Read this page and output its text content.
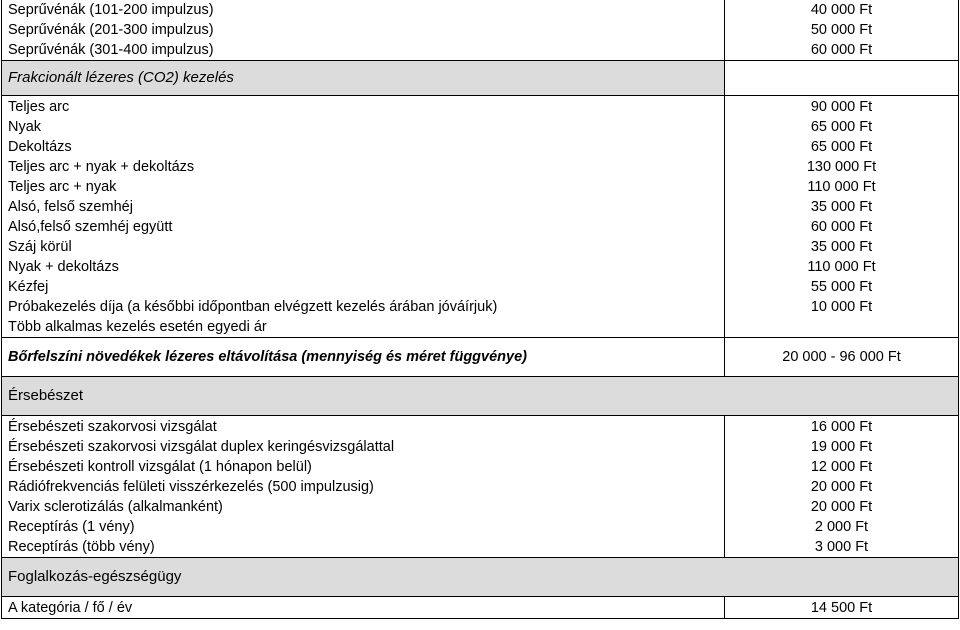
Seprűvénák (101-200 impulzus)	40 000 Ft
Seprűvénák (201-300 impulzus)	50 000 Ft
Seprűvénák (301-400 impulzus)	60 000 Ft
Frakcionált lézeres (CO2) kezelés	

Teljes arc	90 000 Ft
Nyak	65 000 Ft
Dekoltázs	65 000 Ft
Teljes arc + nyak + dekoltázs	130 000 Ft
Teljes arc + nyak	110 000 Ft
Alsó, felső szemhéj	35 000 Ft
Alsó,felső szemhéj együtt	60 000 Ft
Száj körül	35 000 Ft
Nyak + dekoltázs	110 000 Ft
Kézfej	55 000 Ft
Próbakezelés díja (a későbbi időpontban elvégzett kezelés árában jóváírjuk)	10 000 Ft
Több alkalmas kezelés esetén egyedi ár	
Bőrfelszíni növedékek lézeres eltávolítása (mennyiség és méret függvénye)	20 000 - 96 000 Ft
Érsebészet	

Érsebészeti szakorvosi vizsgálat	16 000 Ft
Érsebészeti szakorvosi vizsgálat duplex keringésvizsgálattal	19 000 Ft
Érsebészeti kontroll vizsgálat (1 hónapon belül)	12 000 Ft
Rádiófrekvenciás felületi visszérkezelés (500 impulzusig)	20 000 Ft
Varix sclerotizálás (alkalmanként)	20 000 Ft
Receptírás (1 vény)	2 000 Ft
Receptírás (több vény)	3 000 Ft
Foglalkozás-egészségügy	

A kategória / fő / év	14 500 Ft
